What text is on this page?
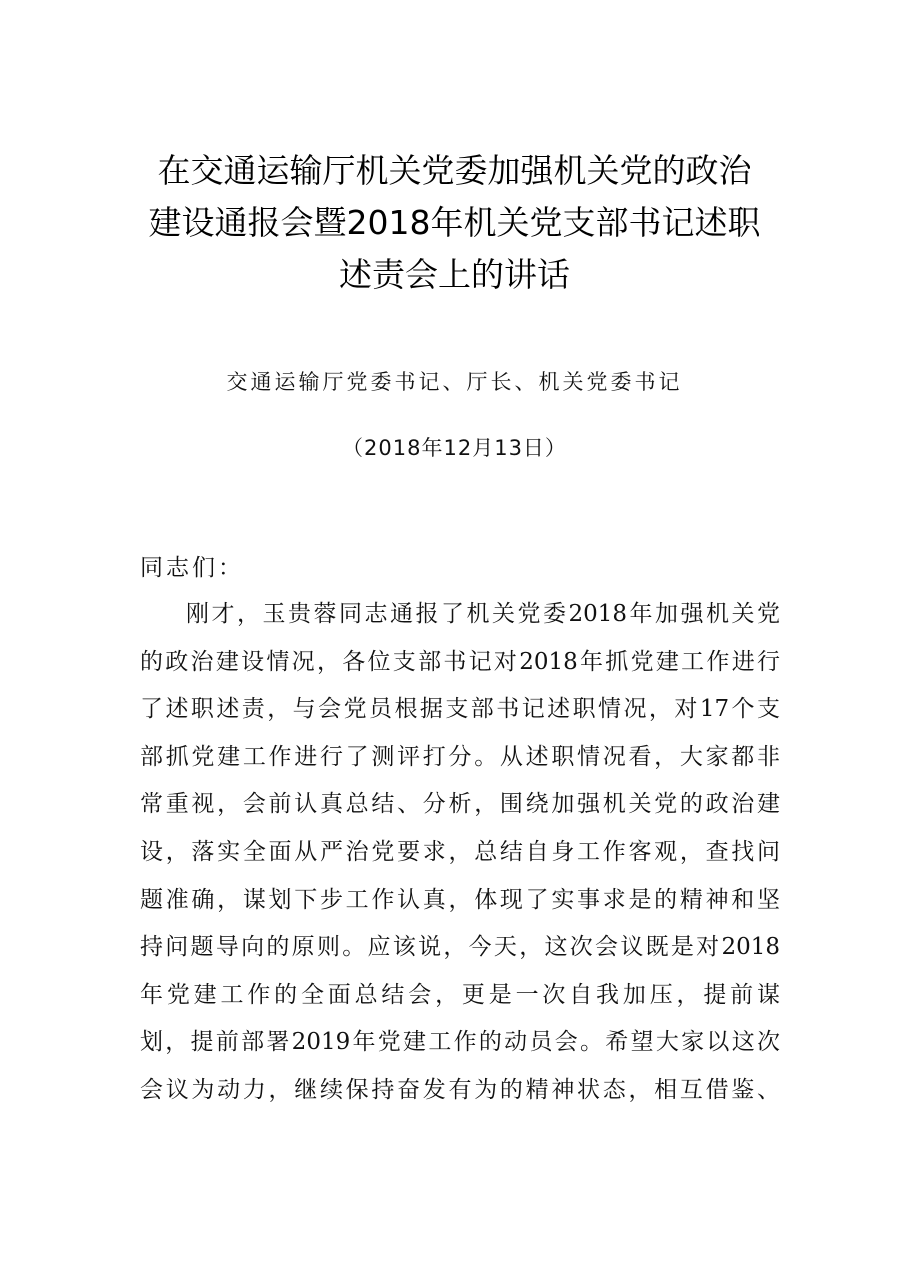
在交通运输厅机关党委加强机关党的政治
建设通报会暨2018年机关党支部书记述职
述责会上的讲话
交通运输厅党委书记、厅长、机关党委书记
（2018年12月13日）
同志们：
刚才，玉贵蓉同志通报了机关党委2018年加强机关党
的政治建设情况，各位支部书记对2018年抓党建工作进行
了述职述责，与会党员根据支部书记述职情况，对17个支
部抓党建工作进行了测评打分。从述职情况看，大家都非
常重视，会前认真总结、分析，围绕加强机关党的政治建
设，落实全面从严治党要求，总结自身工作客观，查找问
题准确，谋划下步工作认真，体现了实事求是的精神和坚
持问题导向的原则。应该说，今天，这次会议既是对2018
年党建工作的全面总结会，更是一次自我加压，提前谋
划，提前部署2019年党建工作的动员会。希望大家以这次
会议为动力，继续保持奋发有为的精神状态，相互借鉴、
